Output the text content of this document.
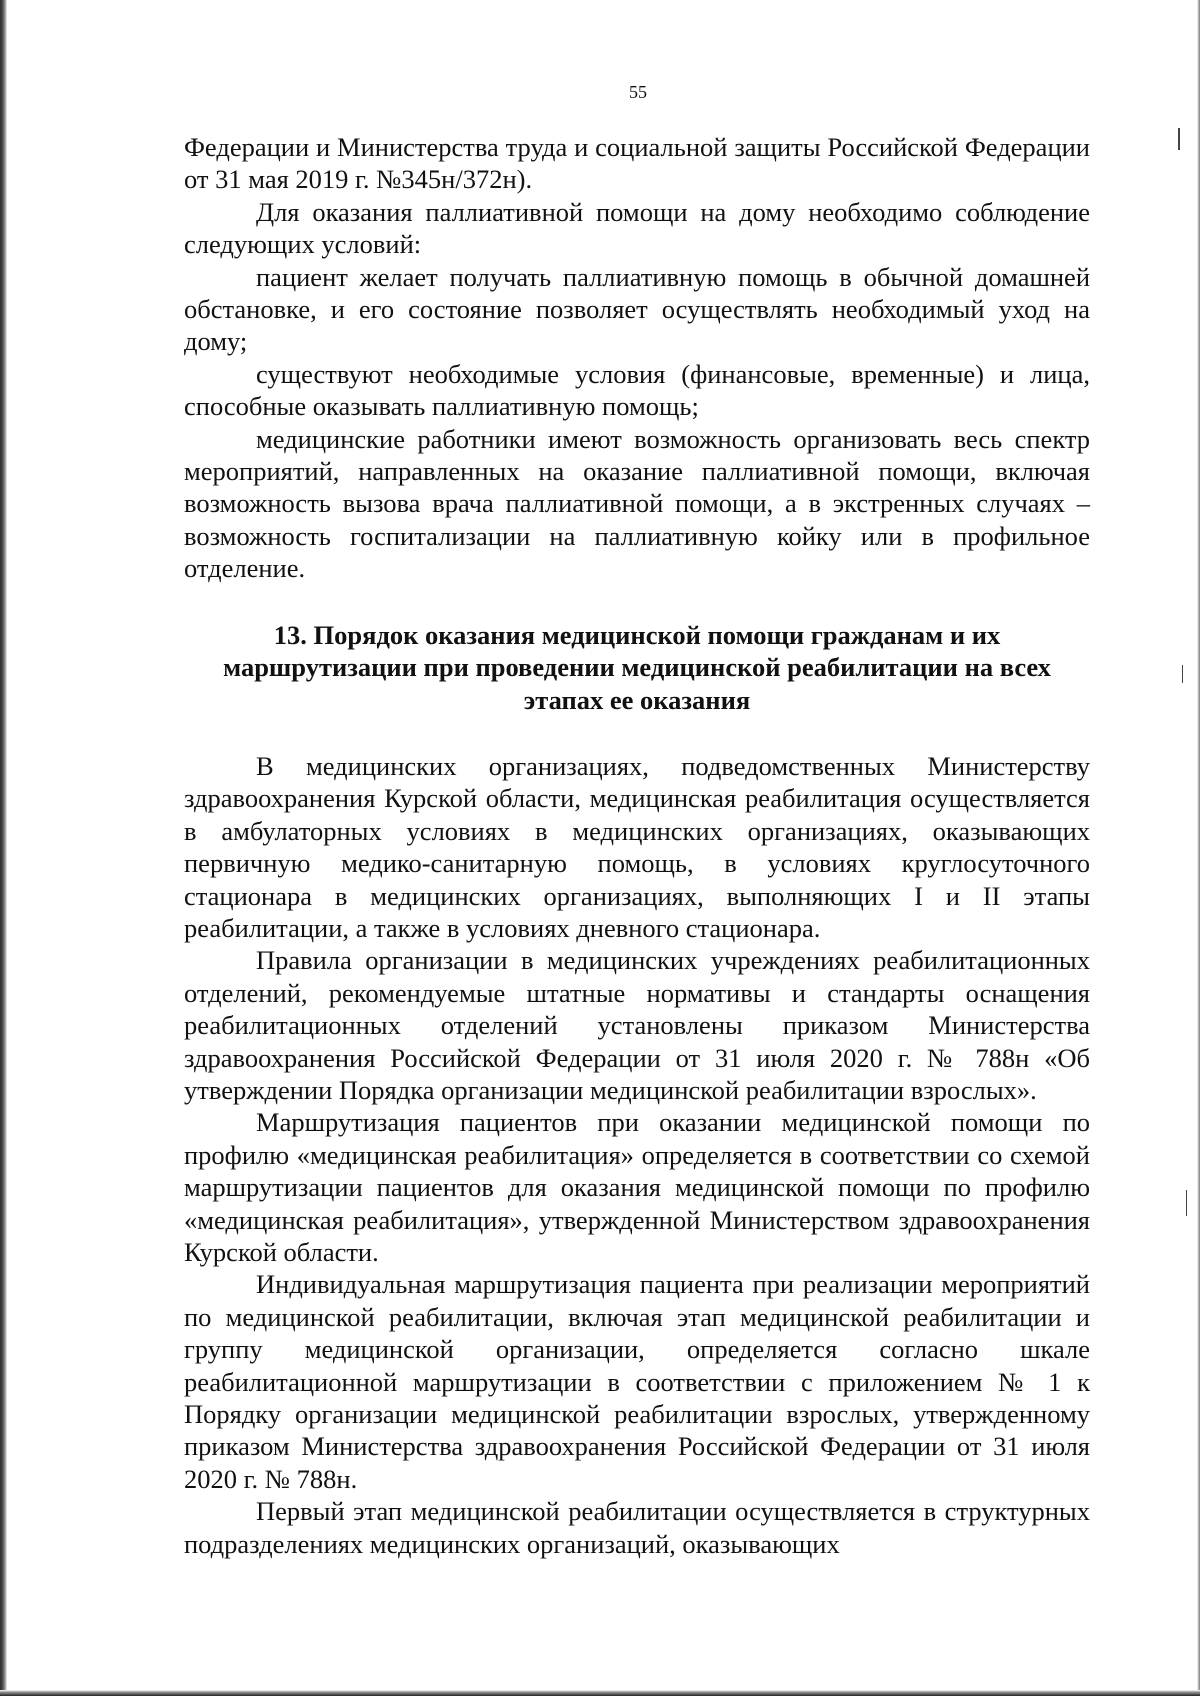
55

Федерации и Министерства труда и социальной защиты Российской Федерации от 31 мая 2019 г. №345н/372н).

Для оказания паллиативной помощи на дому необходимо соблюдение следующих условий:

пациент желает получать паллиативную помощь в обычной домашней обстановке, и его состояние позволяет осуществлять необходимый уход на дому;

существуют необходимые условия (финансовые, временные) и лица, способные оказывать паллиативную помощь;

медицинские работники имеют возможность организовать весь спектр мероприятий, направленных на оказание паллиативной помощи, включая возможность вызова врача паллиативной помощи, а в экстренных случаях – возможность госпитализации на паллиативную койку или в профильное отделение.

13. Порядок оказания медицинской помощи гражданам и их

маршрутизации при проведении медицинской реабилитации на всех

этапах ее оказания

В медицинских организациях, подведомственных Министерству здравоохранения Курской области, медицинская реабилитация осуществляется в амбулаторных условиях в медицинских организациях, оказывающих первичную медико-санитарную помощь, в условиях круглосуточного стационара в медицинских организациях, выполняющих I и II этапы реабилитации, а также в условиях дневного стационара.

Правила организации в медицинских учреждениях реабилитационных отделений, рекомендуемые штатные нормативы и стандарты оснащения реабилитационных отделений установлены приказом Министерства здравоохранения Российской Федерации от 31 июля 2020 г. № 788н «Об утверждении Порядка организации медицинской реабилитации взрослых».

Маршрутизация пациентов при оказании медицинской помощи по профилю «медицинская реабилитация» определяется в соответствии со схемой маршрутизации пациентов для оказания медицинской помощи по профилю «медицинская реабилитация», утвержденной Министерством здравоохранения Курской области.

Индивидуальная маршрутизация пациента при реализации мероприятий по медицинской реабилитации, включая этап медицинской реабилитации и группу медицинской организации, определяется согласно шкале реабилитационной маршрутизации в соответствии с приложением № 1 к Порядку организации медицинской реабилитации взрослых, утвержденному приказом Министерства здравоохранения Российской Федерации от 31 июля 2020 г. № 788н.

Первый этап медицинской реабилитации осуществляется в структурных подразделениях медицинских организаций, оказывающих
